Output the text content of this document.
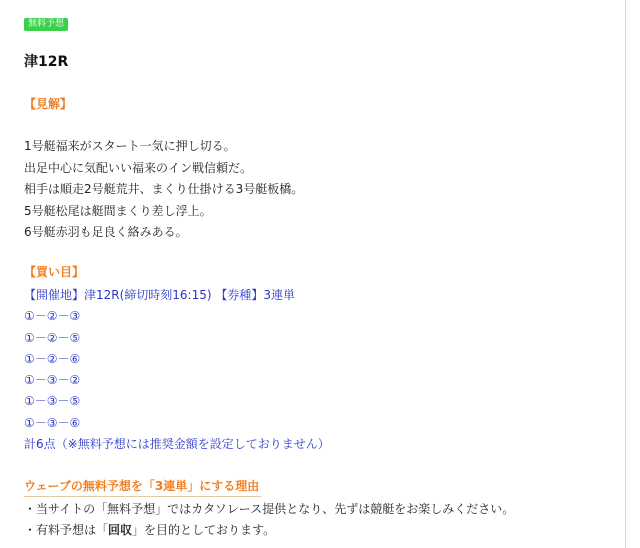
無料予想
津12R
【見解】
1号艇福来がスタート一気に押し切る。
出足中心に気配いい福来のイン戦信頼だ。
相手は順走2号艇荒井、まくり仕掛ける3号艇板橋。
5号艇松尾は艇間まくり差し浮上。
6号艇赤羽も足良く絡みある。
【買い目】
【開催地】津12R(締切時刻16:15) 【券種】3連単
①－②－③
①－②－⑤
①－②－⑥
①－③－②
①－③－⑤
①－③－⑥
計6点（※無料予想には推奨金額を設定しておりません）
ウェーブの無料予想を「3連単」にする理由
・当サイトの「無料予想」ではカタソレース提供となり、先ずは競艇をお楽しみください。
・有料予想は「回収」を目的としております。
